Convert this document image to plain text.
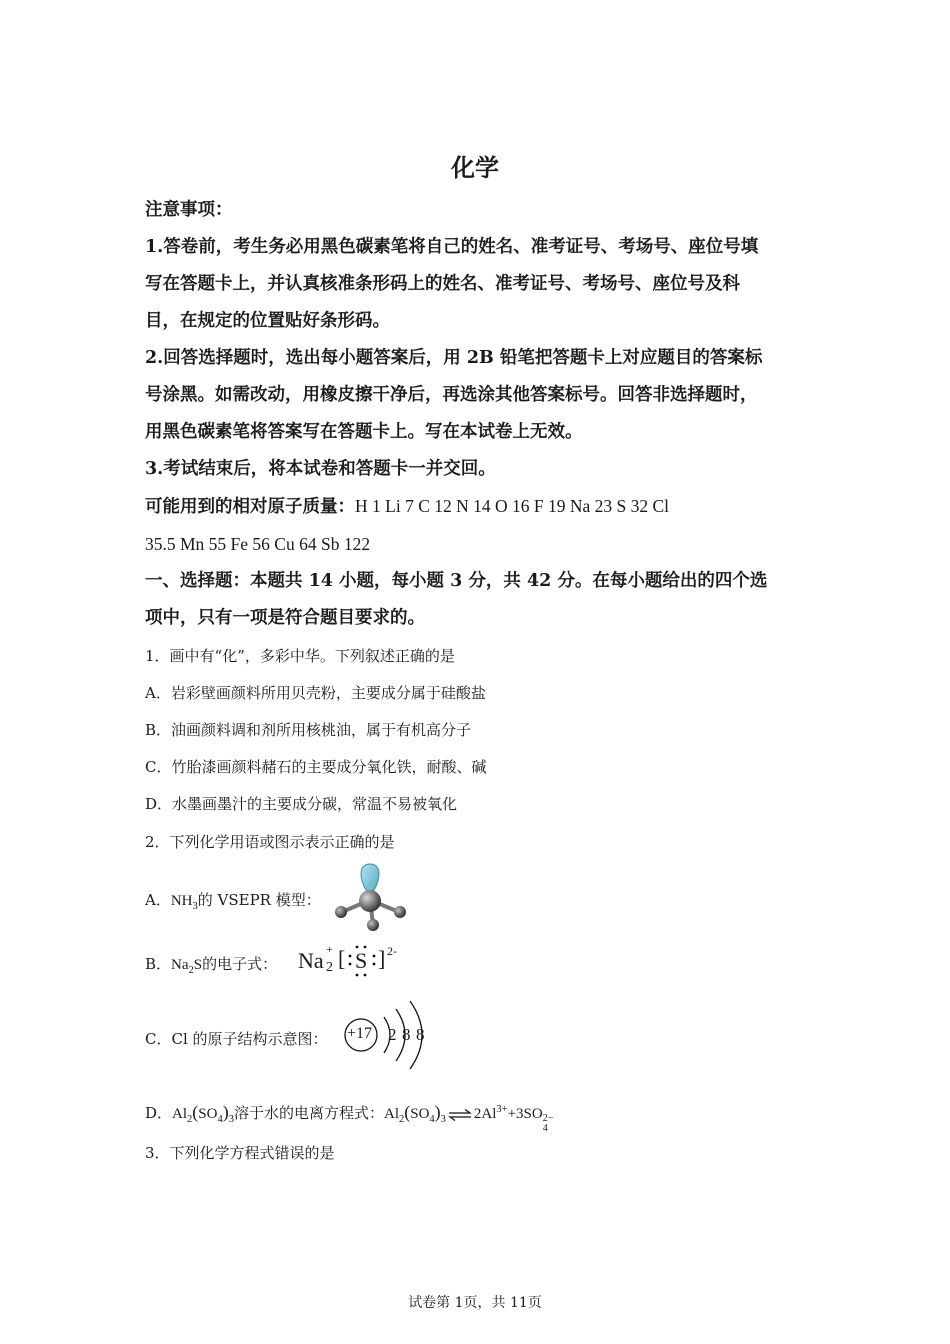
化学
注意事项：
1.答卷前，考生务必用黑色碳素笔将自己的姓名、准考证号、考场号、座位号填
写在答题卡上，并认真核准条形码上的姓名、准考证号、考场号、座位号及科
目，在规定的位置贴好条形码。
2.回答选择题时，选出每小题答案后，用 2B 铅笔把答题卡上对应题目的答案标
号涂黑。如需改动，用橡皮擦干净后，再选涂其他答案标号。回答非选择题时，
用黑色碳素笔将答案写在答题卡上。写在本试卷上无效。
3.考试结束后，将本试卷和答题卡一并交回。
可能用到的相对原子质量：H 1 Li 7 C 12 N 14 O 16 F 19 Na 23 S 32 Cl
35.5 Mn 55 Fe 56 Cu 64 Sb 122
一、选择题：本题共 14 小题，每小题 3 分，共 42 分。在每小题给出的四个选
项中，只有一项是符合题目要求的。
1．画中有“化”，多彩中华。下列叙述正确的是
A．岩彩壁画颜料所用贝壳粉，主要成分属于硅酸盐
B．油画颜料调和剂所用核桃油，属于有机高分子
C．竹胎漆画颜料赭石的主要成分氧化铁，耐酸、碱
D．水墨画墨汁的主要成分碳，常温不易被氧化
2．下列化学用语或图示表示正确的是
A．$NH_3$的 VSEPR 模型：
B．$Na_2S$的电子式： Na +
2 [ S ] 2-
C．Cl 的原子结构示意图： +17 2 8 8
D．$Al_2(SO_4)_3$溶于水的电离方程式：$Al_2(SO_4)_3\rightleftharpoons 2Al^{3+}+3SO$ 2−
4
3．下列化学方程式错误的是
试卷第 1页，共 11页
